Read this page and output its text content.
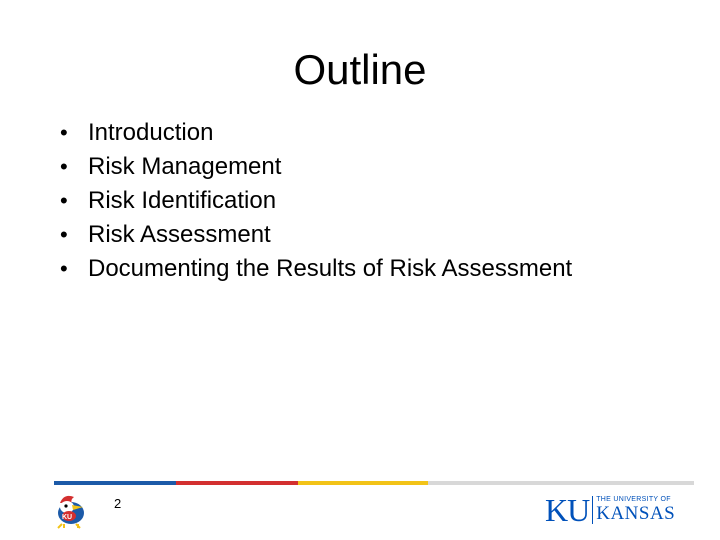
Outline
• Introduction
• Risk Management
• Risk Identification
• Risk Assessment
• Documenting the Results of Risk Assessment
KU
2	KU THE UNIVERSITY OF
KANSAS
